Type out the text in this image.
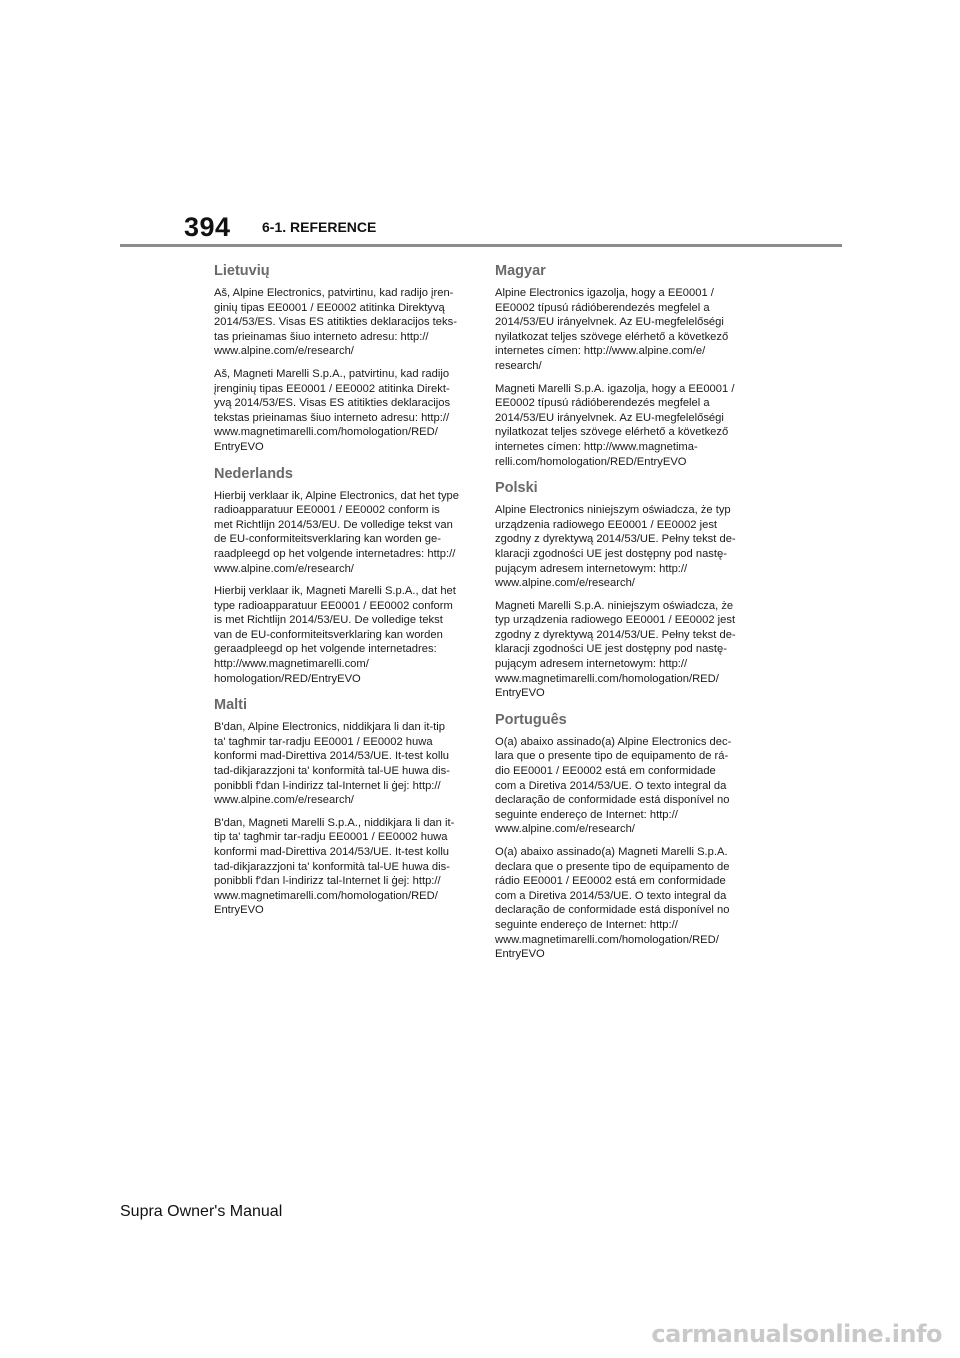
394 6-1. REFERENCE
Lietuvių

Aš, Alpine Electronics, patvirtinu, kad radijo įren-
ginių tipas EE0001 / EE0002 atitinka Direktyvą
2014/53/ES. Visas ES atitikties deklaracijos teks-
tas prieinamas šiuo interneto adresu: http://
www.alpine.com/e/research/

Aš, Magneti Marelli S.p.A., patvirtinu, kad radijo
įrenginių tipas EE0001 / EE0002 atitinka Direkt-
yvą 2014/53/ES. Visas ES atitikties deklaracijos
tekstas prieinamas šiuo interneto adresu: http://
www.magnetimarelli.com/homologation/RED/
EntryEVO

Nederlands

Hierbij verklaar ik, Alpine Electronics, dat het type
radioapparatuur EE0001 / EE0002 conform is
met Richtlijn 2014/53/EU. De volledige tekst van
de EU-conformiteitsverklaring kan worden ge-
raadpleegd op het volgende internetadres: http://
www.alpine.com/e/research/

Hierbij verklaar ik, Magneti Marelli S.p.A., dat het
type radioapparatuur EE0001 / EE0002 conform
is met Richtlijn 2014/53/EU. De volledige tekst
van de EU-conformiteitsverklaring kan worden
geraadpleegd op het volgende internetadres:
http://www.magnetimarelli.com/
homologation/RED/EntryEVO

Malti

B'dan, Alpine Electronics, niddikjara li dan it-tip
ta' tagħmir tar-radju EE0001 / EE0002 huwa
konformi mad-Direttiva 2014/53/UE. It-test kollu
tad-dikjarazzjoni ta' konformità tal-UE huwa dis-
ponibbli f'dan l-indirizz tal-Internet li ġej: http://
www.alpine.com/e/research/

B'dan, Magneti Marelli S.p.A., niddikjara li dan it-
tip ta' tagħmir tar-radju EE0001 / EE0002 huwa
konformi mad-Direttiva 2014/53/UE. It-test kollu
tad-dikjarazzjoni ta' konformità tal-UE huwa dis-
ponibbli f'dan l-indirizz tal-Internet li ġej: http://
www.magnetimarelli.com/homologation/RED/
EntryEVO

Magyar

Alpine Electronics igazolja, hogy a EE0001 /
EE0002 típusú rádióberendezés megfelel a
2014/53/EU irányelvnek. Az EU-megfelelőségi
nyilatkozat teljes szövege elérhető a következő
internetes címen: http://www.alpine.com/e/
research/

Magneti Marelli S.p.A. igazolja, hogy a EE0001 /
EE0002 típusú rádióberendezés megfelel a
2014/53/EU irányelvnek. Az EU-megfelelőségi
nyilatkozat teljes szövege elérhető a következő
internetes címen: http://www.magnetima-
relli.com/homologation/RED/EntryEVO

Polski

Alpine Electronics niniejszym oświadcza, że typ
urządzenia radiowego EE0001 / EE0002 jest
zgodny z dyrektywą 2014/53/UE. Pełny tekst de-
klaracji zgodności UE jest dostępny pod nastę-
pującym adresem internetowym: http://
www.alpine.com/e/research/

Magneti Marelli S.p.A. niniejszym oświadcza, że
typ urządzenia radiowego EE0001 / EE0002 jest
zgodny z dyrektywą 2014/53/UE. Pełny tekst de-
klaracji zgodności UE jest dostępny pod nastę-
pującym adresem internetowym: http://
www.magnetimarelli.com/homologation/RED/
EntryEVO

Português

O(a) abaixo assinado(a) Alpine Electronics dec-
lara que o presente tipo de equipamento de rá-
dio EE0001 / EE0002 está em conformidade
com a Diretiva 2014/53/UE. O texto integral da
declaração de conformidade está disponível no
seguinte endereço de Internet: http://
www.alpine.com/e/research/

O(a) abaixo assinado(a) Magneti Marelli S.p.A.
declara que o presente tipo de equipamento de
rádio EE0001 / EE0002 está em conformidade
com a Diretiva 2014/53/UE. O texto integral da
declaração de conformidade está disponível no
seguinte endereço de Internet: http://
www.magnetimarelli.com/homologation/RED/
EntryEVO

Supra Owner's Manual
carmanualsonline.info
